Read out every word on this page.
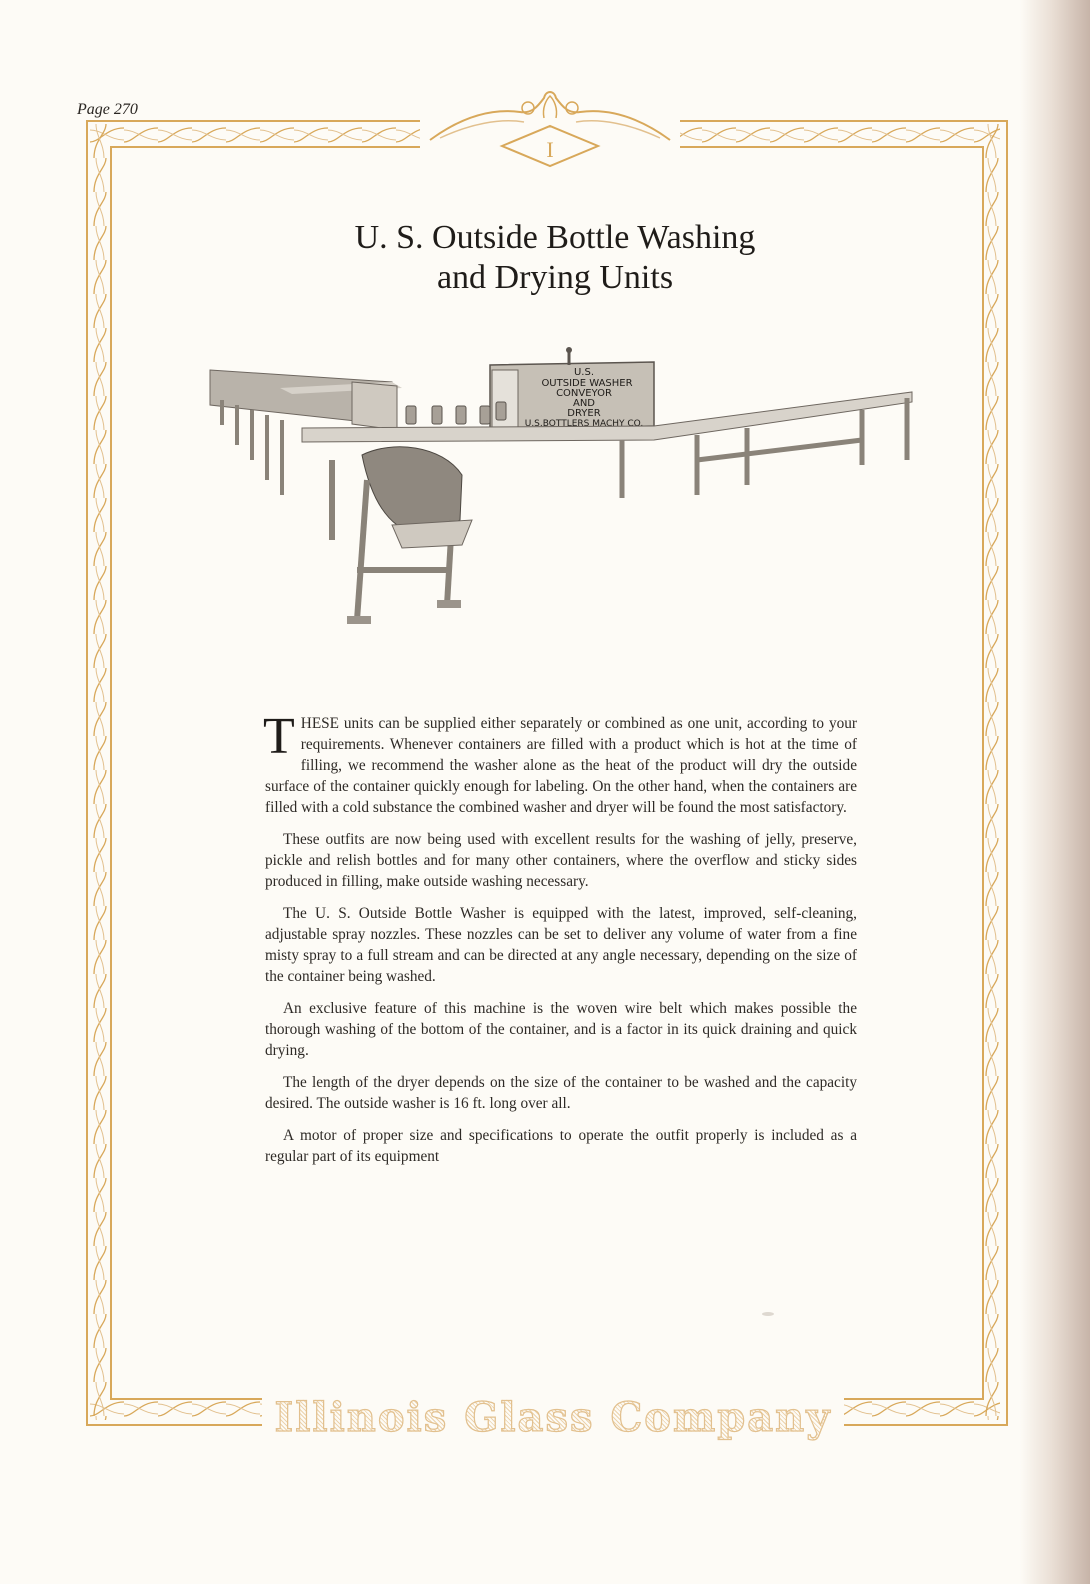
Page 270
I
Illinois Glass Company
U. S. Outside Bottle Washing
and Drying Units
U.S.
OUTSIDE WASHER
CONVEYOR
AND
DRYER
U.S.BOTTLERS MACHY CO.

THESE units can be supplied either separately or combined as one unit, according to your requirements. Whenever containers are filled with a product which is hot at the time of filling, we recommend the washer alone as the heat of the product will dry the outside surface of the container quickly enough for labeling. On the other hand, when the containers are filled with a cold substance the combined washer and dryer will be found the most satisfactory.

These outfits are now being used with excellent results for the washing of jelly, preserve, pickle and relish bottles and for many other containers, where the overflow and sticky sides produced in filling, make outside washing necessary.

The U. S. Outside Bottle Washer is equipped with the latest, improved, self-cleaning, adjustable spray nozzles. These nozzles can be set to deliver any volume of water from a fine misty spray to a full stream and can be directed at any angle necessary, depending on the size of the container being washed.

An exclusive feature of this machine is the woven wire belt which makes possible the thorough washing of the bottom of the container, and is a factor in its quick draining and quick drying.

The length of the dryer depends on the size of the container to be washed and the capacity desired. The outside washer is 16 ft. long over all.

A motor of proper size and specifications to operate the outfit properly is included as a regular part of its equipment
